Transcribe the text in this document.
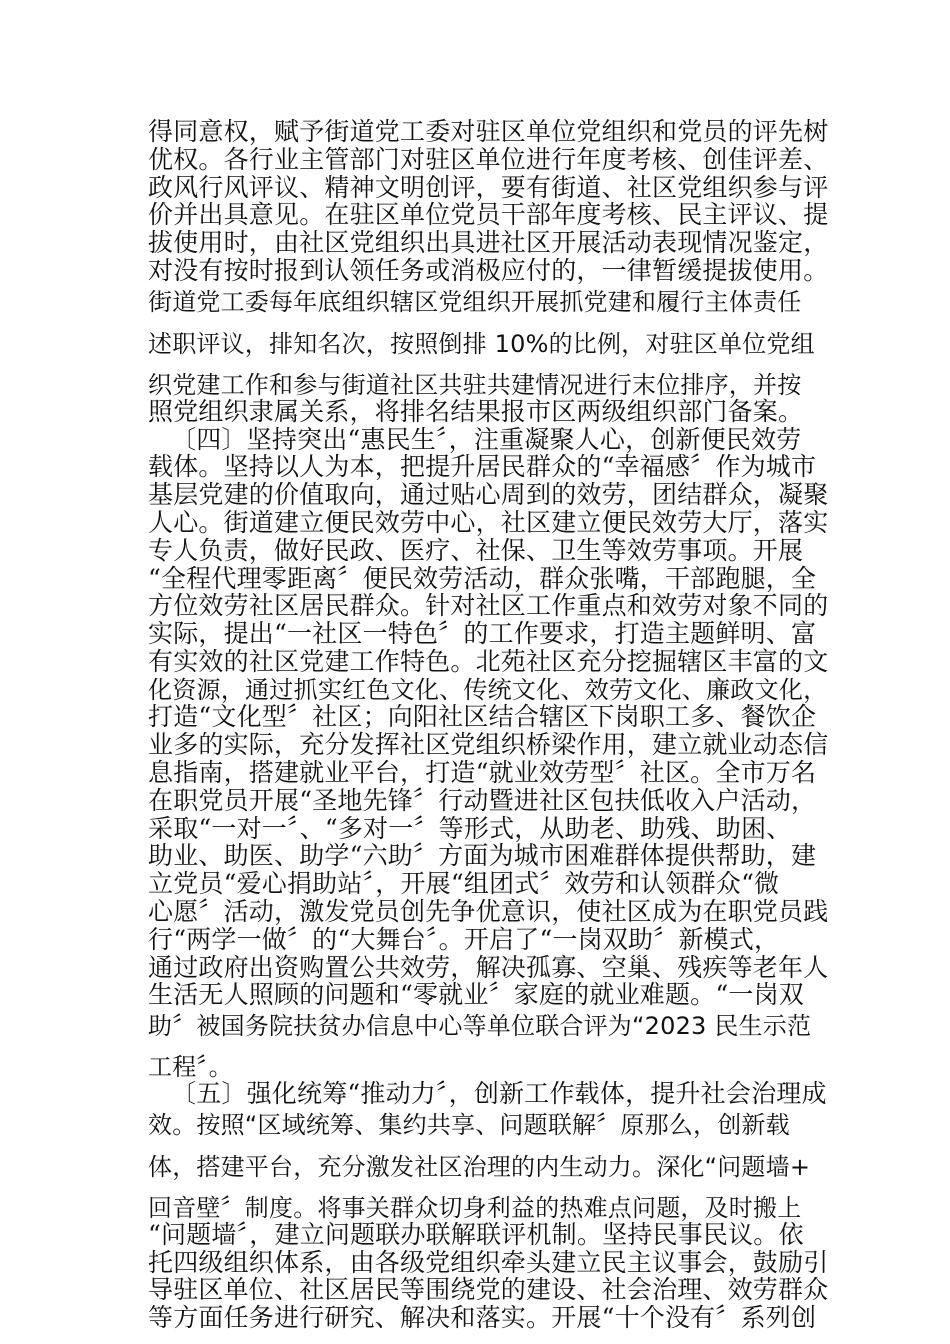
得同意权，赋予街道党工委对驻区单位党组织和党员的评先树
优权。各行业主管部门对驻区单位进行年度考核、创佳评差、
政风行风评议、精神文明创评，要有街道、社区党组织参与评
价并出具意见。在驻区单位党员干部年度考核、民主评议、提
拔使用时，由社区党组织出具进社区开展活动表现情况鉴定，
对没有按时报到认领任务或消极应付的，一律暂缓提拔使用。
街道党工委每年底组织辖区党组织开展抓党建和履行主体责任
述职评议，排知名次，按照倒排 10%的比例，对驻区单位党组
织党建工作和参与街道社区共驻共建情况进行末位排序，并按
照党组织隶属关系，将排名结果报市区两级组织部门备案。
〔四〕坚持突出“惠民生〞，注重凝聚人心，创新便民效劳
载体。坚持以人为本，把提升居民群众的“幸福感〞作为城市
基层党建的价值取向，通过贴心周到的效劳，团结群众，凝聚
人心。街道建立便民效劳中心，社区建立便民效劳大厅，落实
专人负责，做好民政、医疗、社保、卫生等效劳事项。开展
“全程代理零距离〞便民效劳活动，群众张嘴，干部跑腿，全
方位效劳社区居民群众。针对社区工作重点和效劳对象不同的
实际，提出“一社区一特色〞的工作要求，打造主题鲜明、富
有实效的社区党建工作特色。北苑社区充分挖掘辖区丰富的文
化资源，通过抓实红色文化、传统文化、效劳文化、廉政文化，
打造“文化型〞社区；向阳社区结合辖区下岗职工多、餐饮企
业多的实际，充分发挥社区党组织桥梁作用，建立就业动态信
息指南，搭建就业平台，打造“就业效劳型〞社区。全市万名
在职党员开展“圣地先锋〞行动暨进社区包扶低收入户活动，
采取“一对一〞、“多对一〞等形式，从助老、助残、助困、
助业、助医、助学“六助〞方面为城市困难群体提供帮助，建
立党员“爱心捐助站〞，开展“组团式〞效劳和认领群众“微
心愿〞活动，激发党员创先争优意识，使社区成为在职党员践
行“两学一做〞的“大舞台〞。开启了“一岗双助〞新模式，
通过政府出资购置公共效劳，解决孤寡、空巢、残疾等老年人
生活无人照顾的问题和“零就业〞家庭的就业难题。“一岗双
助〞被国务院扶贫办信息中心等单位联合评为“2023 民生示范
工程〞。
〔五〕强化统筹“推动力〞，创新工作载体，提升社会治理成
效。按照“区域统筹、集约共享、问题联解〞原那么，创新载
体，搭建平台，充分激发社区治理的内生动力。深化“问题墙+
回音壁〞制度。将事关群众切身利益的热难点问题，及时搬上
“问题墙〞，建立问题联办联解联评机制。坚持民事民议。依
托四级组织体系，由各级党组织牵头建立民主议事会，鼓励引
导驻区单位、社区居民等围绕党的建设、社会治理、效劳群众
等方面任务进行研究、解决和落实。开展“十个没有〞系列创
